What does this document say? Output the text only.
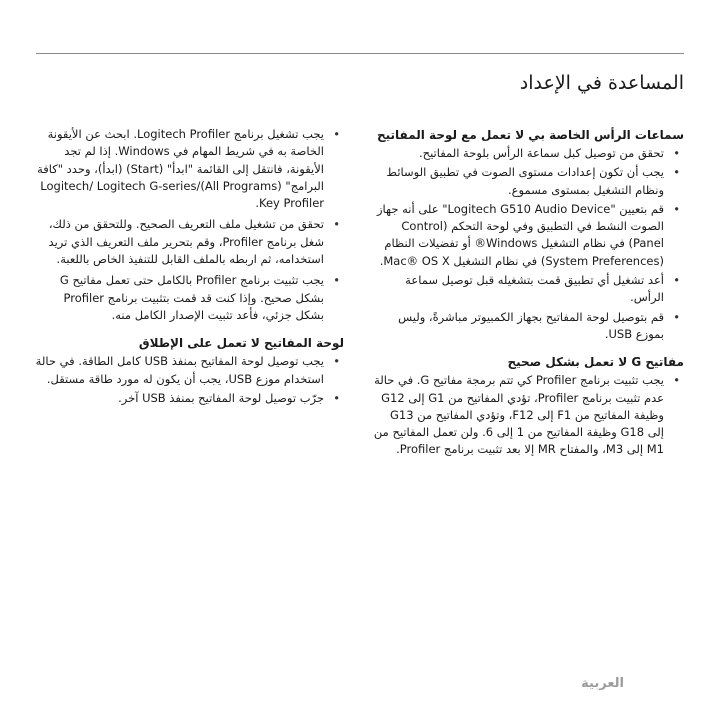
المساعدة في الإعداد
سماعات الرأس الخاصة بي لا تعمل مع لوحة المفاتيح
• تحقق من توصيل كبل سماعة الرأس بلوحة المفاتيح.
• يجب أن تكون إعدادات مستوى الصوت في تطبيق الوسائط ونظام التشغيل بمستوى مسموع.
• قم بتعيين "Logitech G510 Audio Device" على أنه جهاز الصوت النشط في التطبيق وفي لوحة التحكم (Control Panel) في نظام التشغيل Windows® أو تفضيلات النظام (System Preferences) في نظام التشغيل Mac® OS X.
• أعد تشغيل أي تطبيق قمت بتشغيله قبل توصيل سماعة الرأس.
• قم بتوصيل لوحة المفاتيح بجهاز الكمبيوتر مباشرةً، وليس بموزع USB.
مفاتيح G لا تعمل بشكل صحيح
• يجب تثبيت برنامج Profiler كي تتم برمجة مفاتيح G. في حالة عدم تثبيت برنامج Profiler، تؤدي المفاتيح من G1 إلى G12 وظيفة المفاتيح من F1 إلى F12، وتؤدي المفاتيح من G13 إلى G18 وظيفة المفاتيح من 1 إلى 6. ولن تعمل المفاتيح من M1 إلى M3، والمفتاح MR إلا بعد تثبيت برنامج Profiler.
• يجب تشغيل برنامج Logitech Profiler. ابحث عن الأيقونة الخاصة به في شريط المهام في Windows. إذا لم تجد الأيقونة، فانتقل إلى القائمة "ابدأ" (Start) (ابدأ)، وحدد "كافة البرامج" (All Programs)/Logitech/ Logitech G-series Key Profiler.
• تحقق من تشغيل ملف التعريف الصحيح. وللتحقق من ذلك، شغل برنامج Profiler، وقم بتحرير ملف التعريف الذي تريد استخدامه، ثم اربطه بالملف القابل للتنفيذ الخاص باللعبة.
• يجب تثبيت برنامج Profiler بالكامل حتى تعمل مفاتيح G بشكل صحيح. وإذا كنت قد قمت بتثبيت برنامج Profiler بشكل جزئي، فأعد تثبيت الإصدار الكامل منه.
لوحة المفاتيح لا تعمل على الإطلاق
• يجب توصيل لوحة المفاتيح بمنفذ USB كامل الطاقة. في حالة استخدام موزع USB، يجب أن يكون له مورد طاقة مستقل.
• جرّب توصيل لوحة المفاتيح بمنفذ USB آخر.
العربية
